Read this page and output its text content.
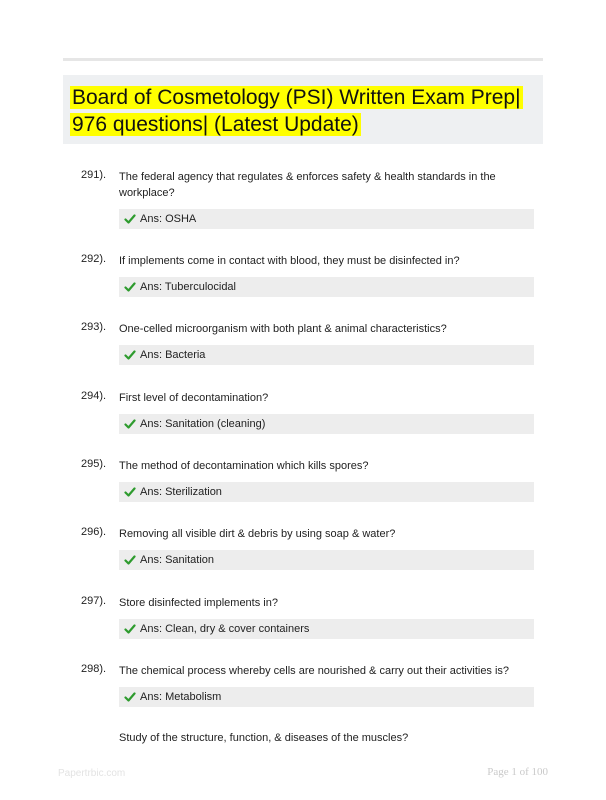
Board of Cosmetology (PSI) Written Exam Prep| 976 questions| (Latest Update)
291). The federal agency that regulates & enforces safety & health standards in the workplace?
Ans: OSHA
292). If implements come in contact with blood, they must be disinfected in?
Ans: Tuberculocidal
293). One-celled microorganism with both plant & animal characteristics?
Ans: Bacteria
294). First level of decontamination?
Ans: Sanitation (cleaning)
295). The method of decontamination which kills spores?
Ans: Sterilization
296). Removing all visible dirt & debris by using soap & water?
Ans: Sanitation
297). Store disinfected implements in?
Ans: Clean, dry & cover containers
298). The chemical process whereby cells are nourished & carry out their activities is?
Ans: Metabolism
Study of the structure, function, & diseases of the muscles?
Papertrbic.com	Page 1 of 100
